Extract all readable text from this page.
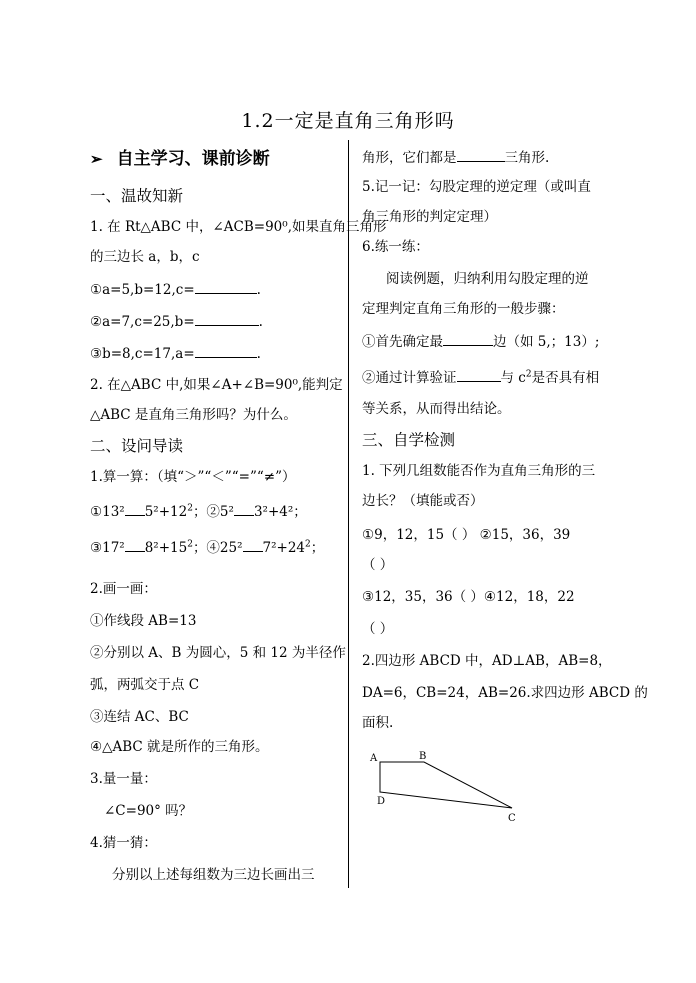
1.2一定是直角三角形吗
➢ 自主学习、课前诊断
一、温故知新
1. 在 Rt△ABC 中，∠ACB=90⁰,如果直角三角形
的三边长 a，b，c
①a=5,b=12,c=	.
②a=7,c=25,b=	.
③b=8,c=17,a=	.
2. 在△ABC 中,如果∠A+∠B=90⁰,能判定
△ABC 是直角三角形吗？为什么。
二、设问导读
1.算一算：（填“＞”“＜”“=”“≠”）
①13² $5^2+12^2$；②5² 3²+4²；
③17² $8^2+15^2$；④25² $7^2+24^2$；
2.画一画：
①作线段 AB=13
②分别以 A、B 为圆心，5 和 12 为半径作
弧，两弧交于点 C
③连结 AC、BC
④△ABC 就是所作的三角形。
3.量一量：
∠C=90° 吗？
4.猜一猜：
分别以上述每组数为三边长画出三
角形，它们都是	三角形.
5.记一记：勾股定理的逆定理（或叫直
角三角形的判定定理）
6.练一练：
阅读例题，归纳利用勾股定理的逆
定理判定直角三角形的一般步骤：
①首先确定最	边（如 5,；13）;
②通过计算验证	与 $c^2$是否具有相
等关系，从而得出结论。
三、自学检测
1. 下列几组数能否作为直角三角形的三
边长？（填能或否）
①9，12，15（ ） ②15，36，39
（ ）
③12，35，36（ ）④12，18，22
（ ）
2.四边形 ABCD 中，AD⊥AB，AB=8，
DA=6，CB=24，AB=26.求四边形 ABCD 的
面积.
A	B
C
D
